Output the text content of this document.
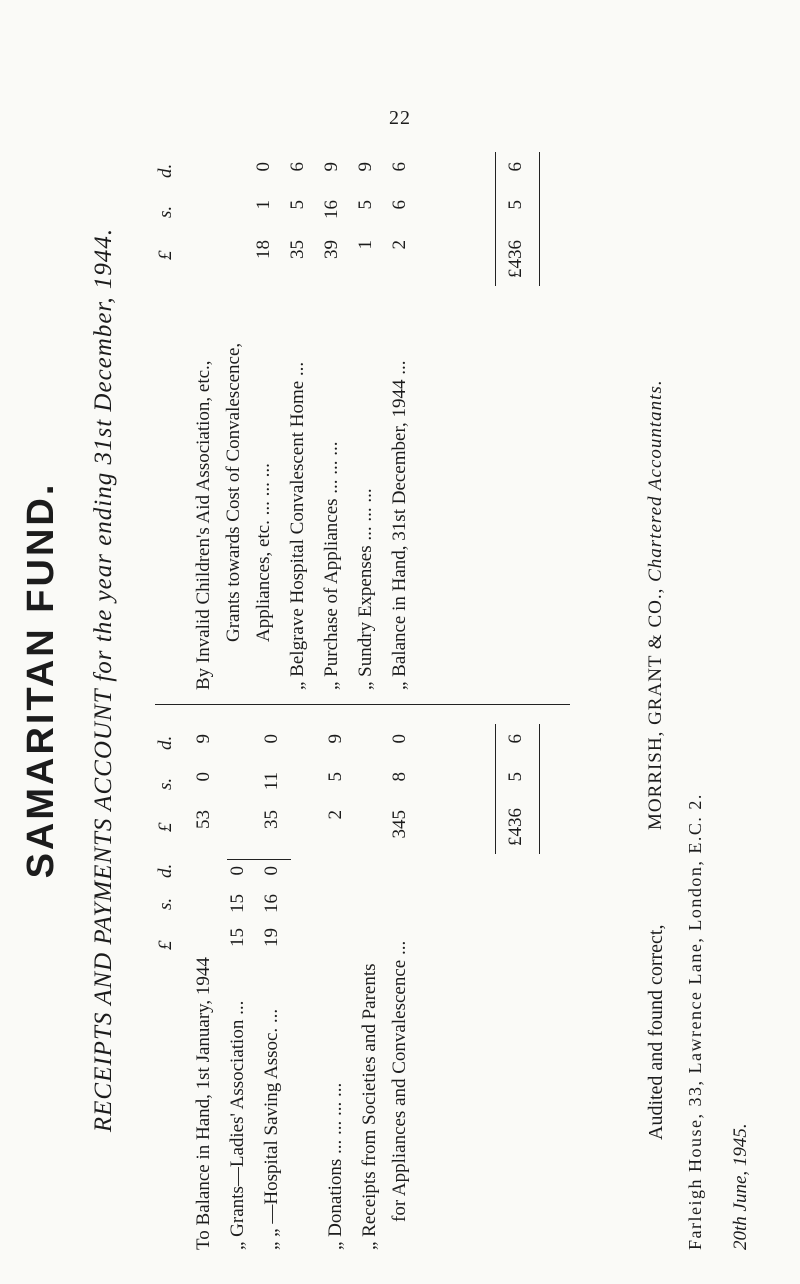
22
SAMARITAN FUND. RECEIPTS AND PAYMENTS ACCOUNT for the year ending 31st December, 1944. £
s.
d.
£
s.
d.
To Balance in Hand, 1st January, 1944
53
0
9
„ Grants—Ladies' Association ...
15
15
0
„ „ —Hospital Saving Assoc. ...
19
16
0
35
11
0
„ Donations ... ... ... ...
2
5
9
„ Receipts from Societies and Parents for Appliances and Convalescence ...
345
8
0
£436
5
6
£
s.
d.
By Invalid Children's Aid Association, etc., Grants towards Cost of Convalescence, Appliances, etc. ... ... ...
18
1
0
„ Belgrave Hospital Convalescent Home ...
35
5
6
„ Purchase of Appliances ... ... ...
39
16
9
„ Sundry Expenses ... ... ...
1
5
9
„ Balance in Hand, 31st December, 1944 ...
2
6
6
£436
5
6
Audited and found correct,
MORRISH, GRANT & CO., Chartered Accountants.
Farleigh House, 33, Lawrence Lane, London, E.C. 2. 20th June, 1945.
